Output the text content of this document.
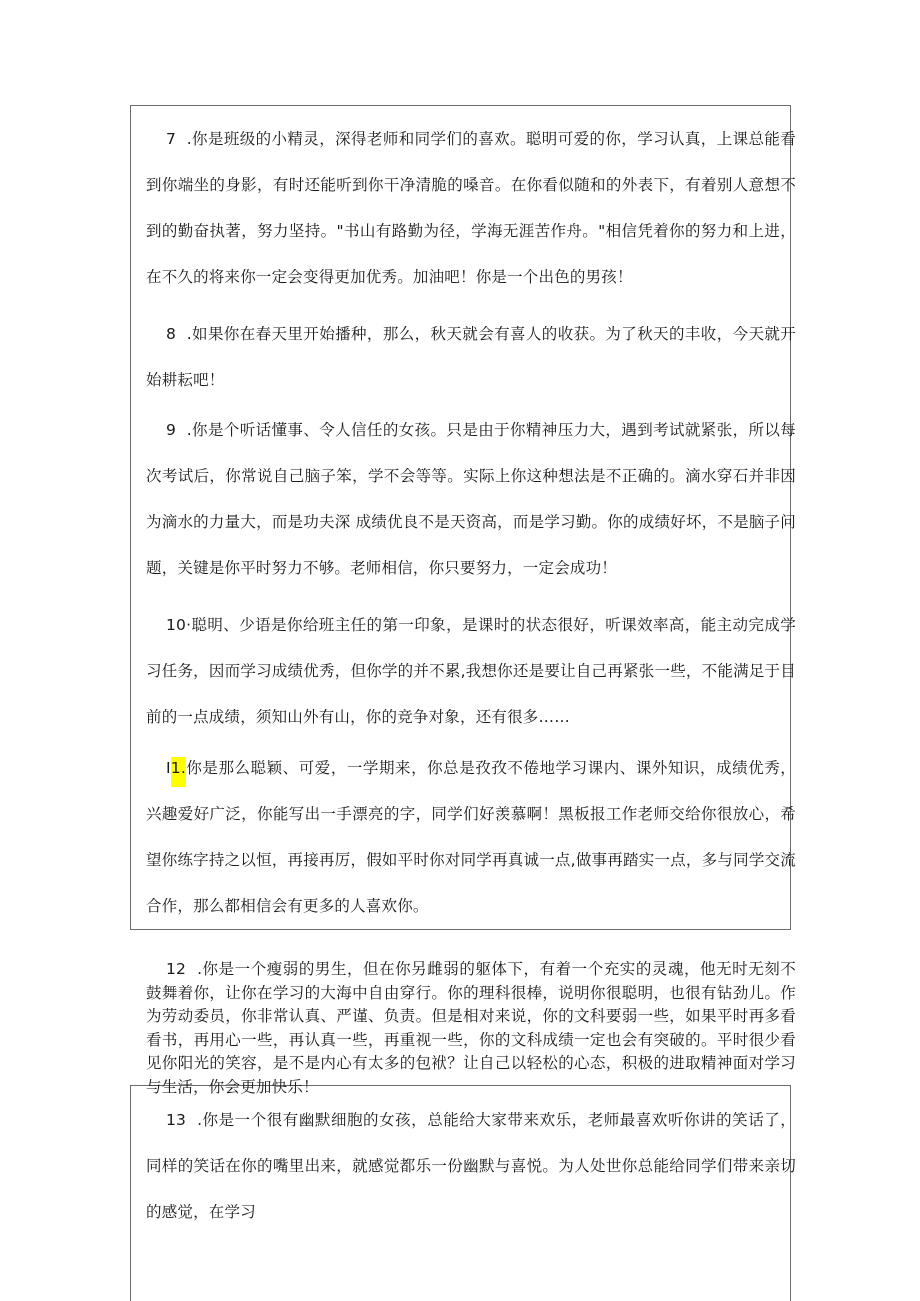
7 .你是班级的小精灵，深得老师和同学们的喜欢。聪明可爱的你，学习认真，上课总能看到你端坐的身影，有时还能听到你干净清脆的嗓音。在你看似随和的外表下，有着别人意想不到的勤奋执著，努力坚持。"书山有路勤为径，学海无涯苦作舟。"相信凭着你的努力和上进，在不久的将来你一定会变得更加优秀。加油吧！你是一个出色的男孩！

8 .如果你在春天里开始播种，那么，秋天就会有喜人的收获。为了秋天的丰收，今天就开始耕耘吧！

9 .你是个听话懂事、令人信任的女孩。只是由于你精神压力大，遇到考试就紧张，所以每次考试后，你常说自己脑子笨，学不会等等。实际上你这种想法是不正确的。滴水穿石并非因为滴水的力量大，而是功夫深 成绩优良不是天资高，而是学习勤。你的成绩好坏，不是脑子问题，关键是你平时努力不够。老师相信，你只要努力，一定会成功！

10·聪明、少语是你给班主任的第一印象，是课时的状态很好，听课效率高，能主动完成学习任务，因而学习成绩优秀，但你学的并不累,我想你还是要让自己再紧张一些，不能满足于目前的一点成绩，须知山外有山，你的竞争对象，还有很多……

I1.你是那么聪颖、可爱，一学期来，你总是孜孜不倦地学习课内、课外知识，成绩优秀，兴趣爱好广泛，你能写出一手漂亮的字，同学们好羡慕啊！黑板报工作老师交给你很放心，希望你练字持之以恒，再接再厉，假如平时你对同学再真诚一点,做事再踏实一点，多与同学交流合作，那么都相信会有更多的人喜欢你。

12 .你是一个瘦弱的男生，但在你另雌弱的躯体下，有着一个充实的灵魂，他无时无刻不鼓舞着你，让你在学习的大海中自由穿行。你的理科很棒，说明你很聪明，也很有钻劲儿。作为劳动委员，你非常认真、严谨、负责。但是相对来说，你的文科要弱一些，如果平时再多看看书，再用心一些，再认真一些，再重视一些，你的文科成绩一定也会有突破的。平时很少看见你阳光的笑容，是不是内心有太多的包袱？让自己以轻松的心态，积极的进取精神面对学习与生活，你会更加快乐！

13 .你是一个很有幽默细胞的女孩，总能给大家带来欢乐，老师最喜欢听你讲的笑话了，同样的笑话在你的嘴里出来，就感觉都乐一份幽默与喜悦。为人处世你总能给同学们带来亲切的感觉，在学习
